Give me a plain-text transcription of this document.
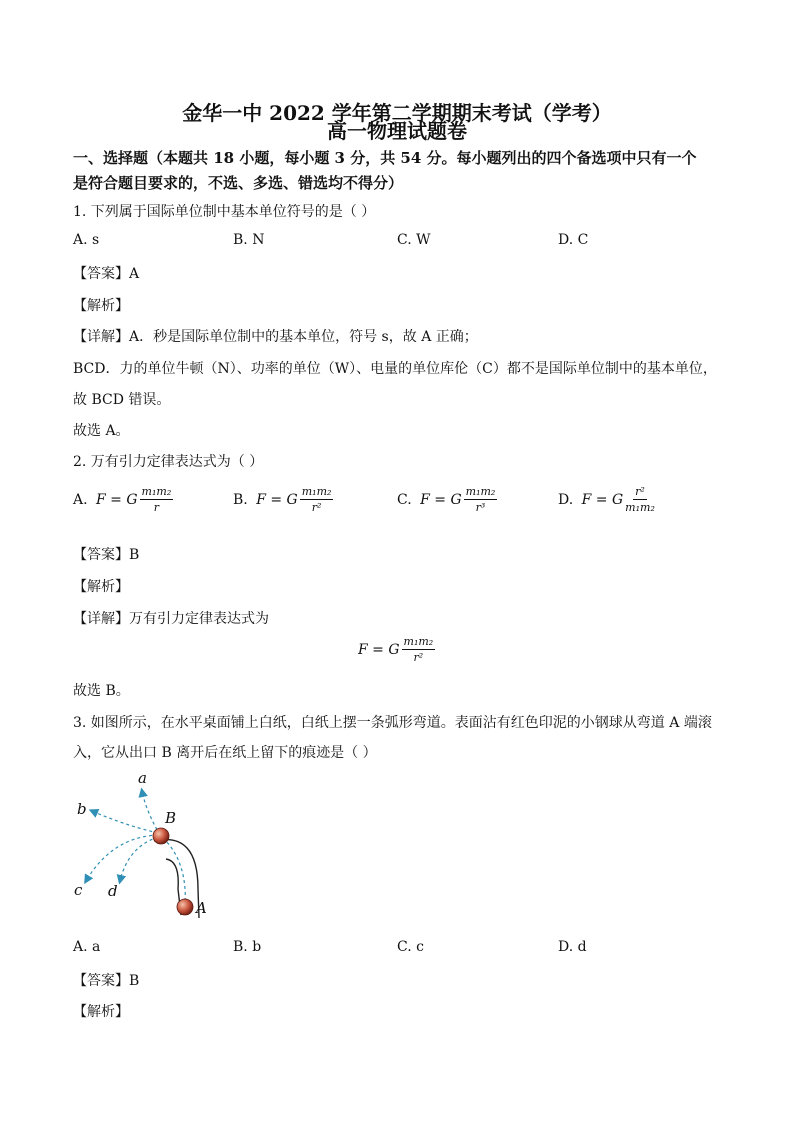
金华一中 2022 学年第二学期期末考试（学考）
高一物理试题卷
一、选择题（本题共 18 小题，每小题 3 分，共 54 分。每小题列出的四个备选项中只有一个
是符合题目要求的，不选、多选、错选均不得分）
1. 下列属于国际单位制中基本单位符号的是（ ）
A. s	B. N	C. W	D. C
【答案】A
【解析】
【详解】A．秒是国际单位制中的基本单位，符号 s，故 A 正确；
BCD．力的单位牛顿（N）、功率的单位（W）、电量的单位库伦（C）都不是国际单位制中的基本单位，
故 BCD 错误。
故选 A。
2. 万有引力定律表达式为（ ）
A.
F = G $\frac{\text{m₁m₂}}{r}$	B.
F = G $\frac{\text{m₁m₂}}{\text{r²}}$	C.
F = G $\frac{\text{m₁m₂}}{\text{r³}}$	D.
F = G $\frac{\text{r²}}{\text{m₁m₂}}$
【答案】B
【解析】
【详解】万有引力定律表达式为
F = G $\frac{\text{m₁m₂}}{\text{r²}}$
故选 B。
3. 如图所示，在水平桌面铺上白纸，白纸上摆一条弧形弯道。表面沾有红色印泥的小钢球从弯道 A 端滚
入，它从出口 B 离开后在纸上留下的痕迹是（ ）
a
b
c d
B
A
A. a	B. b	C. c	D. d
【答案】B
【解析】
